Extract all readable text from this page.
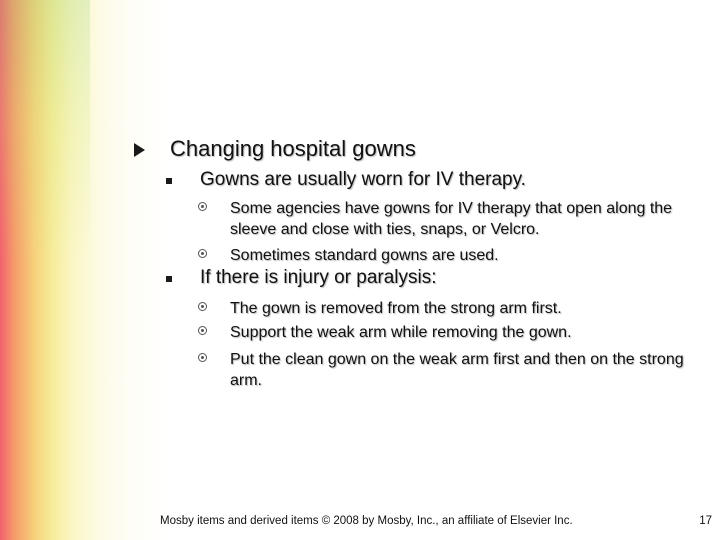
Changing hospital gowns
Gowns are usually worn for IV therapy.
Some agencies have gowns for IV therapy that open along the sleeve and close with ties, snaps, or Velcro.
Sometimes standard gowns are used.
If there is injury or paralysis:
The gown is removed from the strong arm first.
Support the weak arm while removing the gown.
Put the clean gown on the weak arm first and then on the strong arm.
Mosby items and derived items © 2008 by Mosby, Inc., an affiliate of Elsevier Inc.	17
